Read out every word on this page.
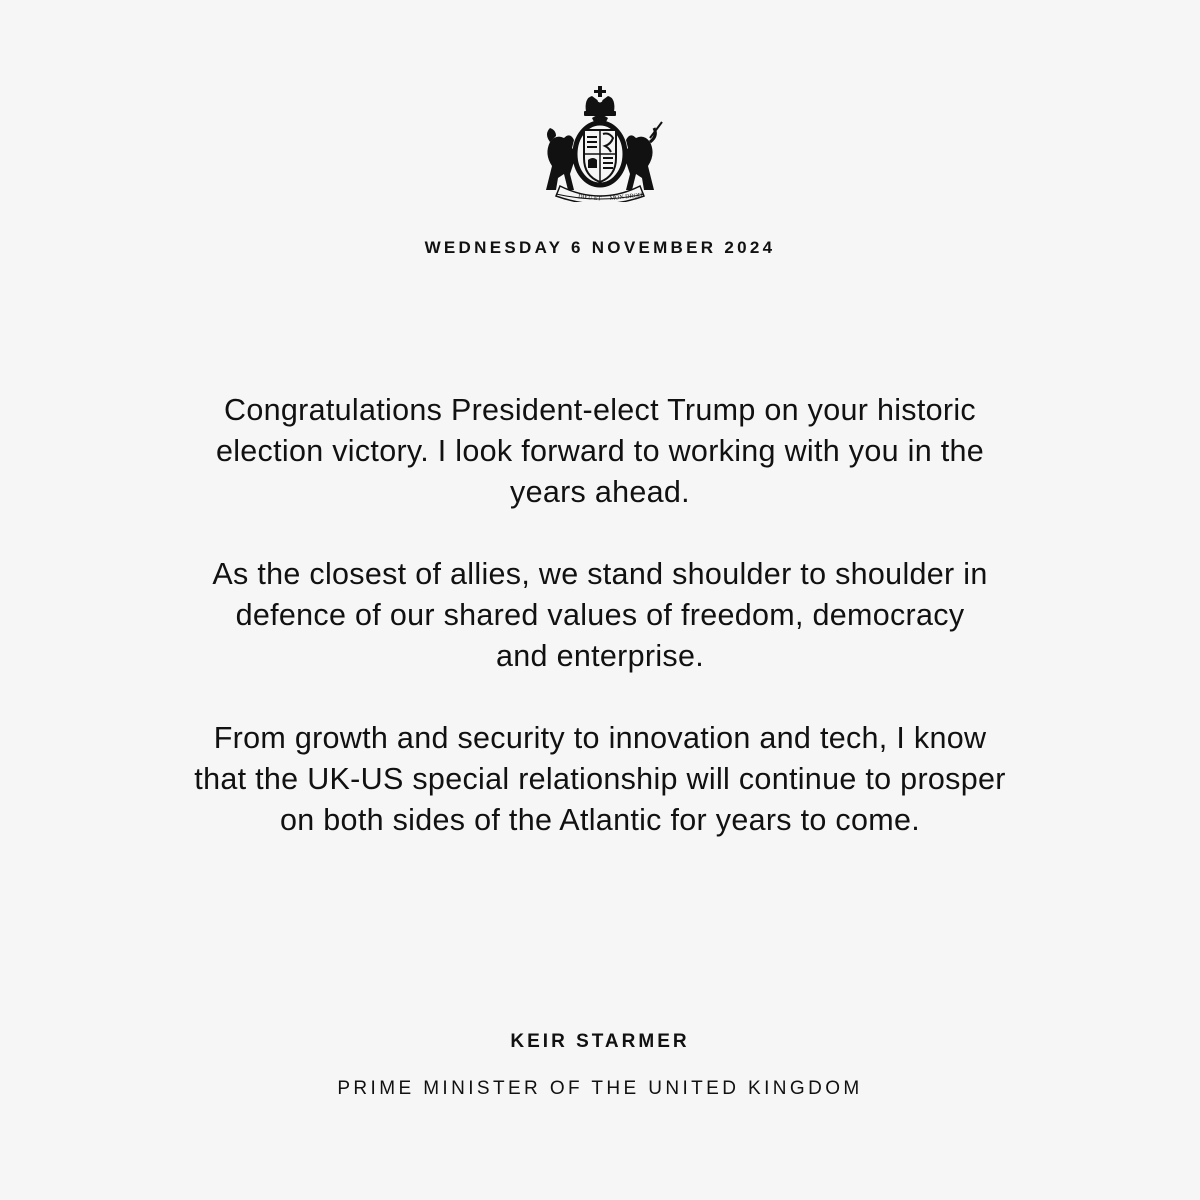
DIEU ET MON DROIT
WEDNESDAY 6 NOVEMBER 2024

Congratulations President-elect Trump on your historic
election victory. I look forward to working with you in the
years ahead.

As the closest of allies, we stand shoulder to shoulder in
defence of our shared values of freedom, democracy
and enterprise.

From growth and security to innovation and tech, I know
that the UK-US special relationship will continue to prosper
on both sides of the Atlantic for years to come.

KEIR STARMER
PRIME MINISTER OF THE UNITED KINGDOM
